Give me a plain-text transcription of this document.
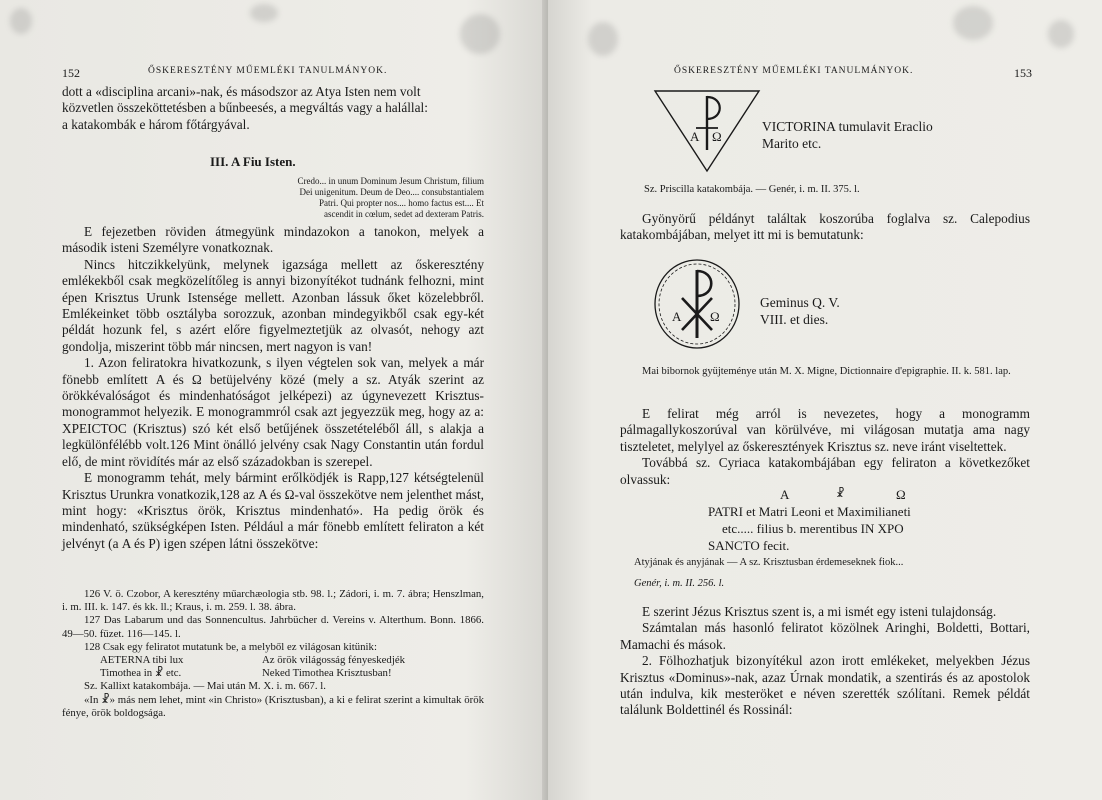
152	ŐSKERESZTÉNY MŰEMLÉKI TANULMÁNYOK.

dott a «disciplina arcani»-nak, és másodszor az Atya Isten nem volt

közvetlen összeköttetésben a bűnbeesés, a megváltás vagy a halállal:

a katakombák e három főtárgyával.

III. A Fiu Isten.

Credo... in unum Dominum Jesum Christum, filium

Dei unigenitum. Deum de Deo.... consubstantialem

Patri. Qui propter nos.... homo factus est.... Et

ascendit in cœlum, sedet ad dexteram Patris.

E fejezetben röviden átmegyünk mindazokon a tanokon, melyek a második isteni Személyre vonatkoznak.

Nincs hitczikkelyünk, melynek igazsága mellett az őskeresztény emlékekből csak megközelítőleg is annyi bizonyítékot tudnánk felhozni, mint épen Krisztus Urunk Istensége mellett. Azonban lássuk őket közelebbről. Emlékeinket több osztályba sorozzuk, azonban mindegyikből csak egy-két példát hozunk fel, s azért előre figyelmeztetjük az olvasót, nehogy azt gondolja, miszerint több már nincsen, mert nagyon is van!

1. Azon feliratokra hivatkozunk, s ilyen végtelen sok van, melyek a már fönebb említett Α és Ω betüjelvény közé (mely a sz. Atyák szerint az örökkévalóságot és mindenhatóságot jelképezi) az úgynevezett Krisztus-monogrammot helyezik. E monogrammról csak azt jegyezzük meg, hogy az a: ΧΡΕΙϹΤΟϹ (Krisztus) szó két első betűjének összetételéből áll, s alakja a legkülönfélébb volt.126 Mint önálló jelvény csak Nagy Constantin után fordul elő, de mint rövidítés már az első századokban is szerepel.

E monogramm tehát, mely bármint erőlködjék is Rapp,127 kétségtelenül Krisztus Urunkra vonatkozik,128 az Α és Ω-val összekötve nem jelenthet mást, mint hogy: «Krisztus örök, Krisztus mindenható». Ha pedig örök és mindenható, szükségképen Isten. Például a már fönebb említett feliraton a két jelvényt (a Α és P) igen szépen látni összekötve:

126 V. ö. Czobor, A keresztény műarchæologia stb. 98. l.; Zádori, i. m. 7. ábra; Henszlman, i. m. III. k. 147. és kk. ll.; Kraus, i. m. 259. l. 38. ábra.

127 Das Labarum und das Sonnencultus. Jahrbücher d. Vereins v. Alterthum. Bonn. 1866. 49—50. füzet. 116—145. l.

128 Csak egy feliratot mutatunk be, a melyből ez világosan kitünik:

AETERNA tibi lux	Az örök világosság fényeskedjék
Timothea in ☧ etc.	Neked Timothea Krisztusban!

Sz. Kallixt katakombája. — Mai után M. X. i. m. 667. l.

«In ☧» más nem lehet, mint «in Christo» (Krisztusban), a ki e felirat szerint a kimultak örök fénye, örök boldogsága.

ŐSKERESZTÉNY MŰEMLÉKI TANULMÁNYOK.	153
Α Ω
VICTORINA tumulavit Eraclio
Marito etc.
Sz. Priscilla katakombája. — Genér, i. m. II. 375. l.

Gyönyörű példányt találtak koszorúba foglalva sz. Calepodius katakombájában, melyet itt mi is bemutatunk:

Α Ω
Geminus Q. V.
VIII. et dies.

Mai bibornok gyüjteménye után M. X. Migne, Dictionnaire d'epigraphie. II. k. 581. lap.

E felirat még arról is nevezetes, hogy a monogramm pálmagallykoszorúval van körülvéve, mi világosan mutatja ama nagy tiszteletet, melylyel az őskeresztények Krisztus sz. neve iránt viseltettek.

Továbbá sz. Cyriaca katakombájában egy feliraton a következőket olvassuk:

Α	☧	Ω
PATRI et Matri Leoni et Maximilianeti
etc..... filius b. merentibus IN XPO
SANCTO fecit.
Atyjának és anyjának — A sz. Krisztusban érdemeseknek fiok...
Genér, i. m. II. 256. l.

E szerint Jézus Krisztus szent is, a mi ismét egy isteni tulajdonság.

Számtalan más hasonló feliratot közölnek Aringhi, Boldetti, Bottari, Mamachi és mások.

2. Fölhozhatjuk bizonyítékul azon irott emlékeket, melyekben Jézus Krisztus «Dominus»-nak, azaz Úrnak mondatik, a szentirás és az apostolok után indulva, kik mesteröket e néven szerették szólítani. Remek példát találunk Boldettinél és Rossinál:
